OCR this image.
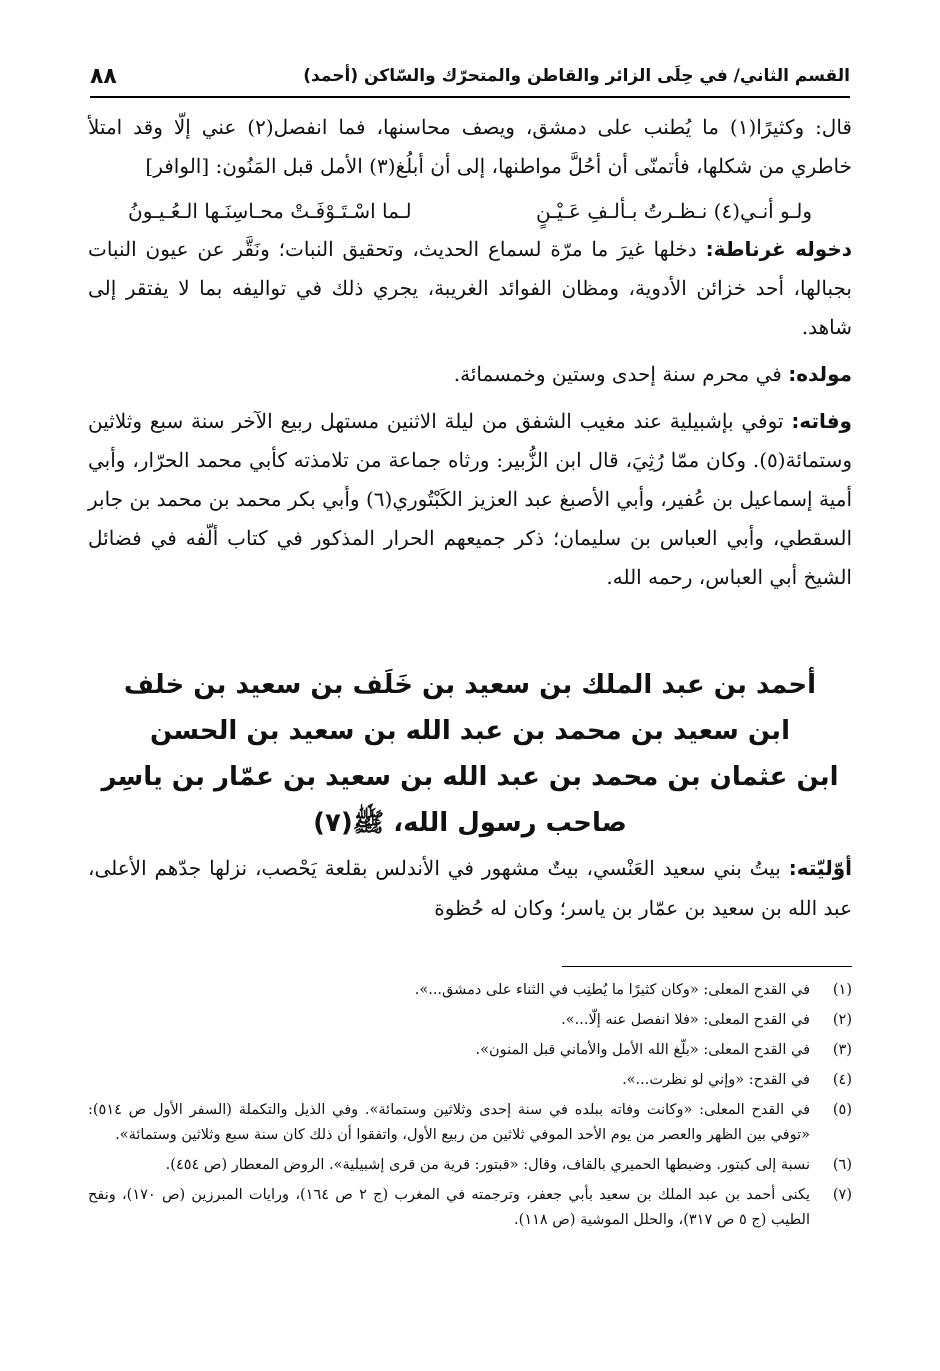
القسم الثاني/ في حِلَى الزائر والقاطن والمتحرّك والسّاكن (أحمد)
٨٨

قال: وكثيرًا(١) ما يُطنب على دمشق، ويصف محاسنها، فما انفصل(٢) عني إلّا وقد امتلأ خاطري من شكلها، فأتمنّى أن أحُلَّ مواطنها، إلى أن أبلُغ(٣) الأمل قبل المَنُون: [الوافر]

ولـو أنـي(٤) نـظـرتُ بـألـفِ عَـيْـنٍ
لـما اسْـتَـوْفَـتْ محـاسِنَـها الـعُـيـونُ

دخوله غرناطة: دخلها غيرَ ما مرّة لسماع الحديث، وتحقيق النبات؛ ونَقَّر عن عيون النبات بجبالها، أحد خزائن الأدوية، ومظان الفوائد الغريبة، يجري ذلك في تواليفه بما لا يفتقر إلى شاهد.

مولده: في محرم سنة إحدى وستين وخمسمائة.

وفاته: توفي بإشبيلية عند مغيب الشفق من ليلة الاثنين مستهل ربيع الآخر سنة سبع وثلاثين وستمائة(٥). وكان ممّا رُثِيَ، قال ابن الزُّبير: ورثاه جماعة من تلامذته كأبي محمد الحرّار، وأبي أمية إسماعيل بن عُفير، وأبي الأصبغ عبد العزيز الكَبْتُوري(٦) وأبي بكر محمد بن محمد بن جابر السقطي، وأبي العباس بن سليمان؛ ذكر جميعهم الحرار المذكور في كتاب ألّفه في فضائل الشيخ أبي العباس، رحمه الله.

أحمد بن عبد الملك بن سعيد بن خَلَف بن سعيد بن خلف
ابن سعيد بن محمد بن عبد الله بن سعيد بن الحسن
ابن عثمان بن محمد بن عبد الله بن سعيد بن عمّار بن ياسِر
صاحب رسول الله، ﷺ(٧)
أوّليّته: بيتُ بني سعيد العَنْسي، بيتٌ مشهور في الأندلس بقلعة يَحْصب، نزلها جدّهم الأعلى، عبد الله بن سعيد بن عمّار بن ياسر؛ وكان له حُظوة
(١)
في القدح المعلى: «وكان كثيرًا ما يُطنِب في الثناء على دمشق...».
(٢)
في القدح المعلى: «فلا انفصل عنه إلّا...».
(٣)
في القدح المعلى: «بلّغ الله الأمل والأماني قبل المنون».
(٤)
في القدح: «وإني لو نظرت...».
(٥)
في القدح المعلى: «وكانت وفاته ببلده في سنة إحدى وثلاثين وستمائة». وفي الذيل والتكملة (السفر الأول ص ٥١٤): «توفي بين الظهر والعصر من يوم الأحد الموفي ثلاثين من ربيع الأول، واتفقوا أن ذلك كان سنة سبع وثلاثين وستمائة».
(٦)
نسبة إلى كبتور. وضبطها الحميري بالقاف، وقال: «قبتور: قرية من قرى إشبيلية». الروض المعطار (ص ٤٥٤).
(٧)
يكنى أحمد بن عبد الملك بن سعيد بأبي جعفر، وترجمته في المغرب (ج ٢ ص ١٦٤)، ورايات المبرزين (ص ١٧٠)، ونفح الطيب (ج ٥ ص ٣١٧)، والحلل الموشية (ص ١١٨).
